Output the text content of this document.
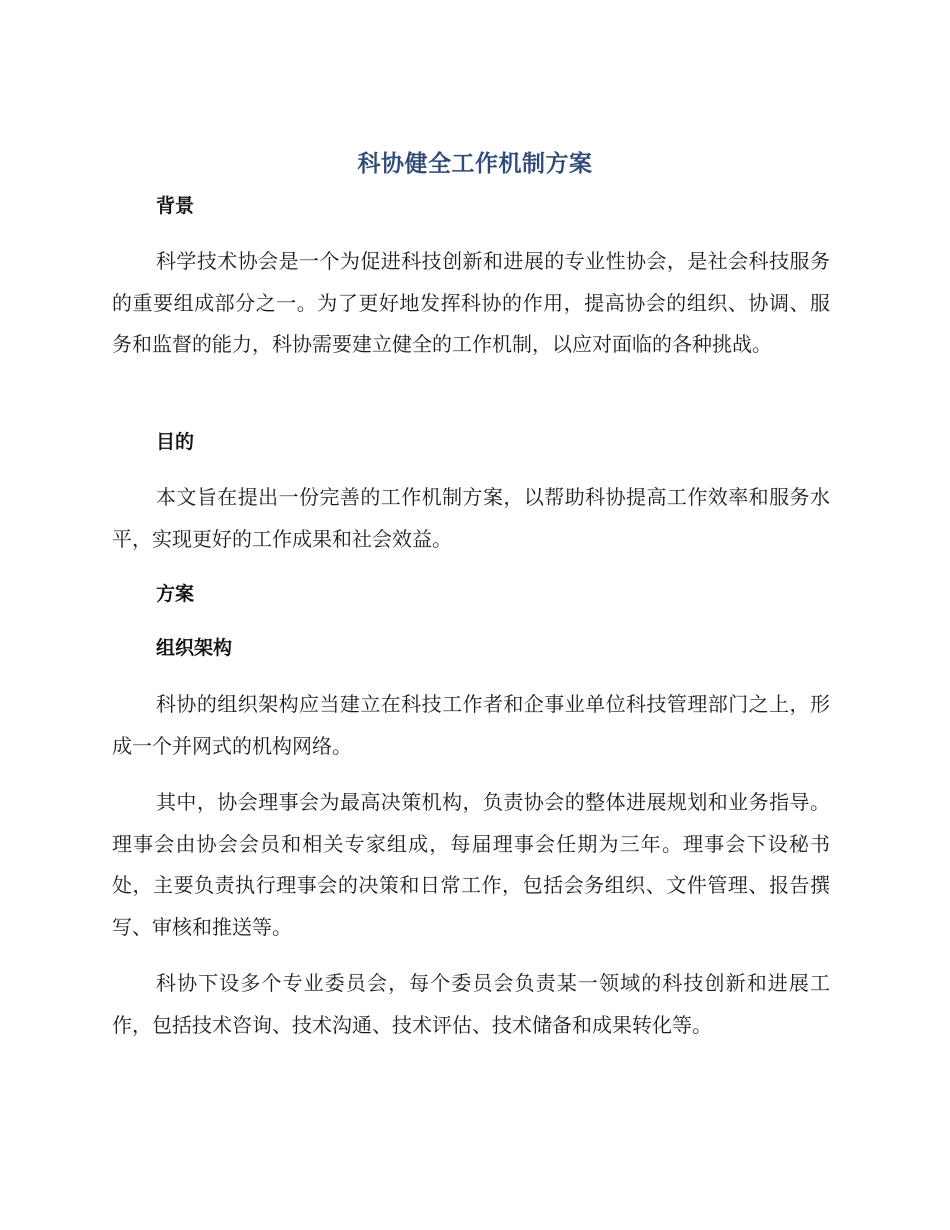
科协健全工作机制方案
背景

科学技术协会是一个为促进科技创新和进展的专业性协会，是社会科技服务的重要组成部分之一。为了更好地发挥科协的作用，提高协会的组织、协调、服务和监督的能力，科协需要建立健全的工作机制，以应对面临的各种挑战。

目的

本文旨在提出一份完善的工作机制方案，以帮助科协提高工作效率和服务水平，实现更好的工作成果和社会效益。

方案
组织架构

科协的组织架构应当建立在科技工作者和企事业单位科技管理部门之上，形成一个并网式的机构网络。

其中，协会理事会为最高决策机构，负责协会的整体进展规划和业务指导。理事会由协会会员和相关专家组成，每届理事会任期为三年。理事会下设秘书处，主要负责执行理事会的决策和日常工作，包括会务组织、文件管理、报告撰写、审核和推送等。

科协下设多个专业委员会，每个委员会负责某一领域的科技创新和进展工作，包括技术咨询、技术沟通、技术评估、技术储备和成果转化等。
